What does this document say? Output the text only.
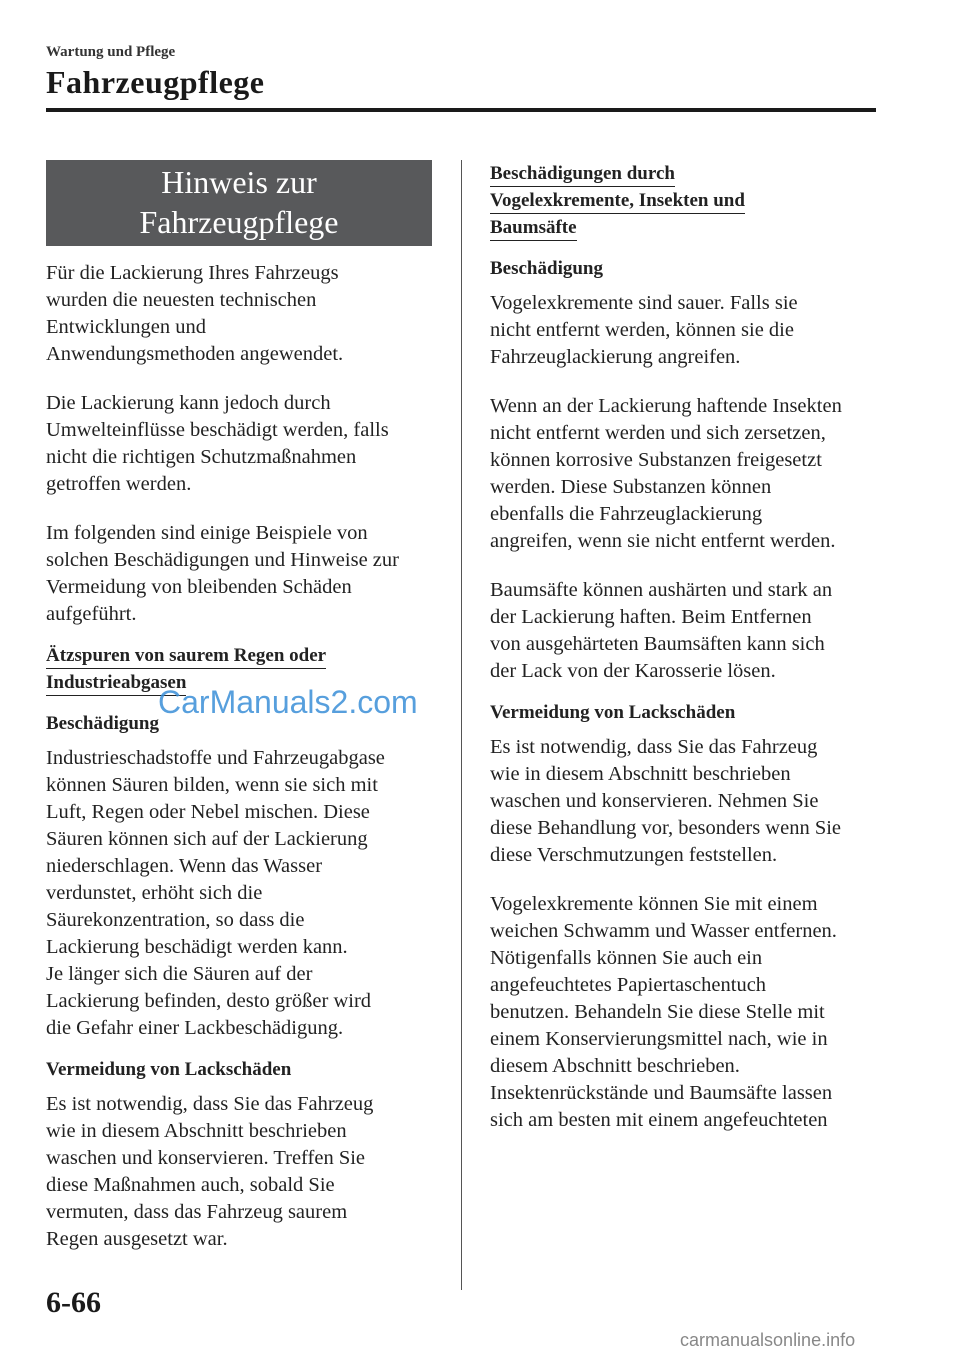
Wartung und Pflege
Fahrzeugpflege
Hinweis zur
Fahrzeugpflege

Für die Lackierung Ihres Fahrzeugs
wurden die neuesten technischen
Entwicklungen und
Anwendungsmethoden angewendet.

Die Lackierung kann jedoch durch
Umwelteinflüsse beschädigt werden, falls
nicht die richtigen Schutzmaßnahmen
getroffen werden.

Im folgenden sind einige Beispiele von
solchen Beschädigungen und Hinweise zur
Vermeidung von bleibenden Schäden
aufgeführt.

Ätzspuren von saurem Regen oder
Industrieabgasen
Beschädigung

Industrieschadstoffe und Fahrzeugabgase
können Säuren bilden, wenn sie sich mit
Luft, Regen oder Nebel mischen. Diese
Säuren können sich auf der Lackierung
niederschlagen. Wenn das Wasser
verdunstet, erhöht sich die
Säurekonzentration, so dass die
Lackierung beschädigt werden kann.
Je länger sich die Säuren auf der
Lackierung befinden, desto größer wird
die Gefahr einer Lackbeschädigung.

Vermeidung von Lackschäden

Es ist notwendig, dass Sie das Fahrzeug
wie in diesem Abschnitt beschrieben
waschen und konservieren. Treffen Sie
diese Maßnahmen auch, sobald Sie
vermuten, dass das Fahrzeug saurem
Regen ausgesetzt war.

Beschädigungen durch
Vogelexkremente, Insekten und
Baumsäfte
Beschädigung

Vogelexkremente sind sauer. Falls sie
nicht entfernt werden, können sie die
Fahrzeuglackierung angreifen.

Wenn an der Lackierung haftende Insekten
nicht entfernt werden und sich zersetzen,
können korrosive Substanzen freigesetzt
werden. Diese Substanzen können
ebenfalls die Fahrzeuglackierung
angreifen, wenn sie nicht entfernt werden.

Baumsäfte können aushärten und stark an
der Lackierung haften. Beim Entfernen
von ausgehärteten Baumsäften kann sich
der Lack von der Karosserie lösen.

Vermeidung von Lackschäden

Es ist notwendig, dass Sie das Fahrzeug
wie in diesem Abschnitt beschrieben
waschen und konservieren. Nehmen Sie
diese Behandlung vor, besonders wenn Sie
diese Verschmutzungen feststellen.

Vogelexkremente können Sie mit einem
weichen Schwamm und Wasser entfernen.
Nötigenfalls können Sie auch ein
angefeuchtetes Papiertaschentuch
benutzen. Behandeln Sie diese Stelle mit
einem Konservierungsmittel nach, wie in
diesem Abschnitt beschrieben.
Insektenrückstände und Baumsäfte lassen
sich am besten mit einem angefeuchteten

CarManuals2.com
6-66
carmanualsonline.info
